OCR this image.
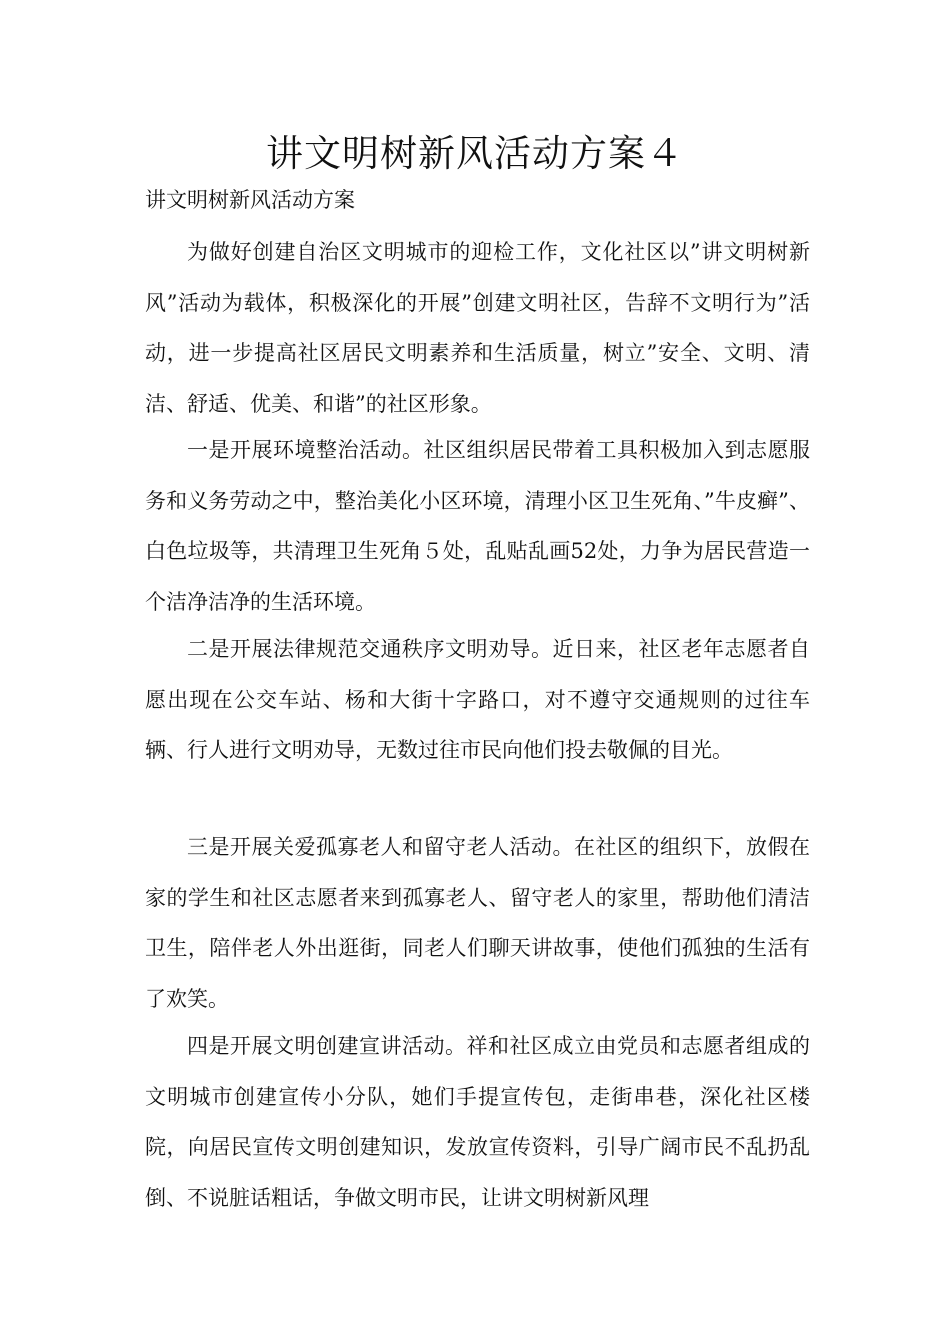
讲文明树新风活动方案４

讲文明树新风活动方案

为做好创建自治区文明城市的迎检工作，文化社区以”讲文明树新风”活动为载体，积极深化的开展”创建文明社区，告辞不文明行为”活动，进一步提高社区居民文明素养和生活质量，树立”安全、文明、清洁、舒适、优美、和谐”的社区形象。

一是开展环境整治活动。社区组织居民带着工具积极加入到志愿服务和义务劳动之中，整治美化小区环境，清理小区卫生死角、”牛皮癣”、白色垃圾等，共清理卫生死角５处，乱贴乱画52处，力争为居民营造一个洁净洁净的生活环境。

二是开展法律规范交通秩序文明劝导。近日来，社区老年志愿者自愿出现在公交车站、杨和大街十字路口，对不遵守交通规则的过往车辆、行人进行文明劝导，无数过往市民向他们投去敬佩的目光。

三是开展关爱孤寡老人和留守老人活动。在社区的组织下，放假在家的学生和社区志愿者来到孤寡老人、留守老人的家里，帮助他们清洁卫生，陪伴老人外出逛街，同老人们聊天讲故事，使他们孤独的生活有了欢笑。

四是开展文明创建宣讲活动。祥和社区成立由党员和志愿者组成的文明城市创建宣传小分队，她们手提宣传包，走街串巷，深化社区楼院，向居民宣传文明创建知识，发放宣传资料，引导广阔市民不乱扔乱倒、不说脏话粗话，争做文明市民，让讲文明树新风理
